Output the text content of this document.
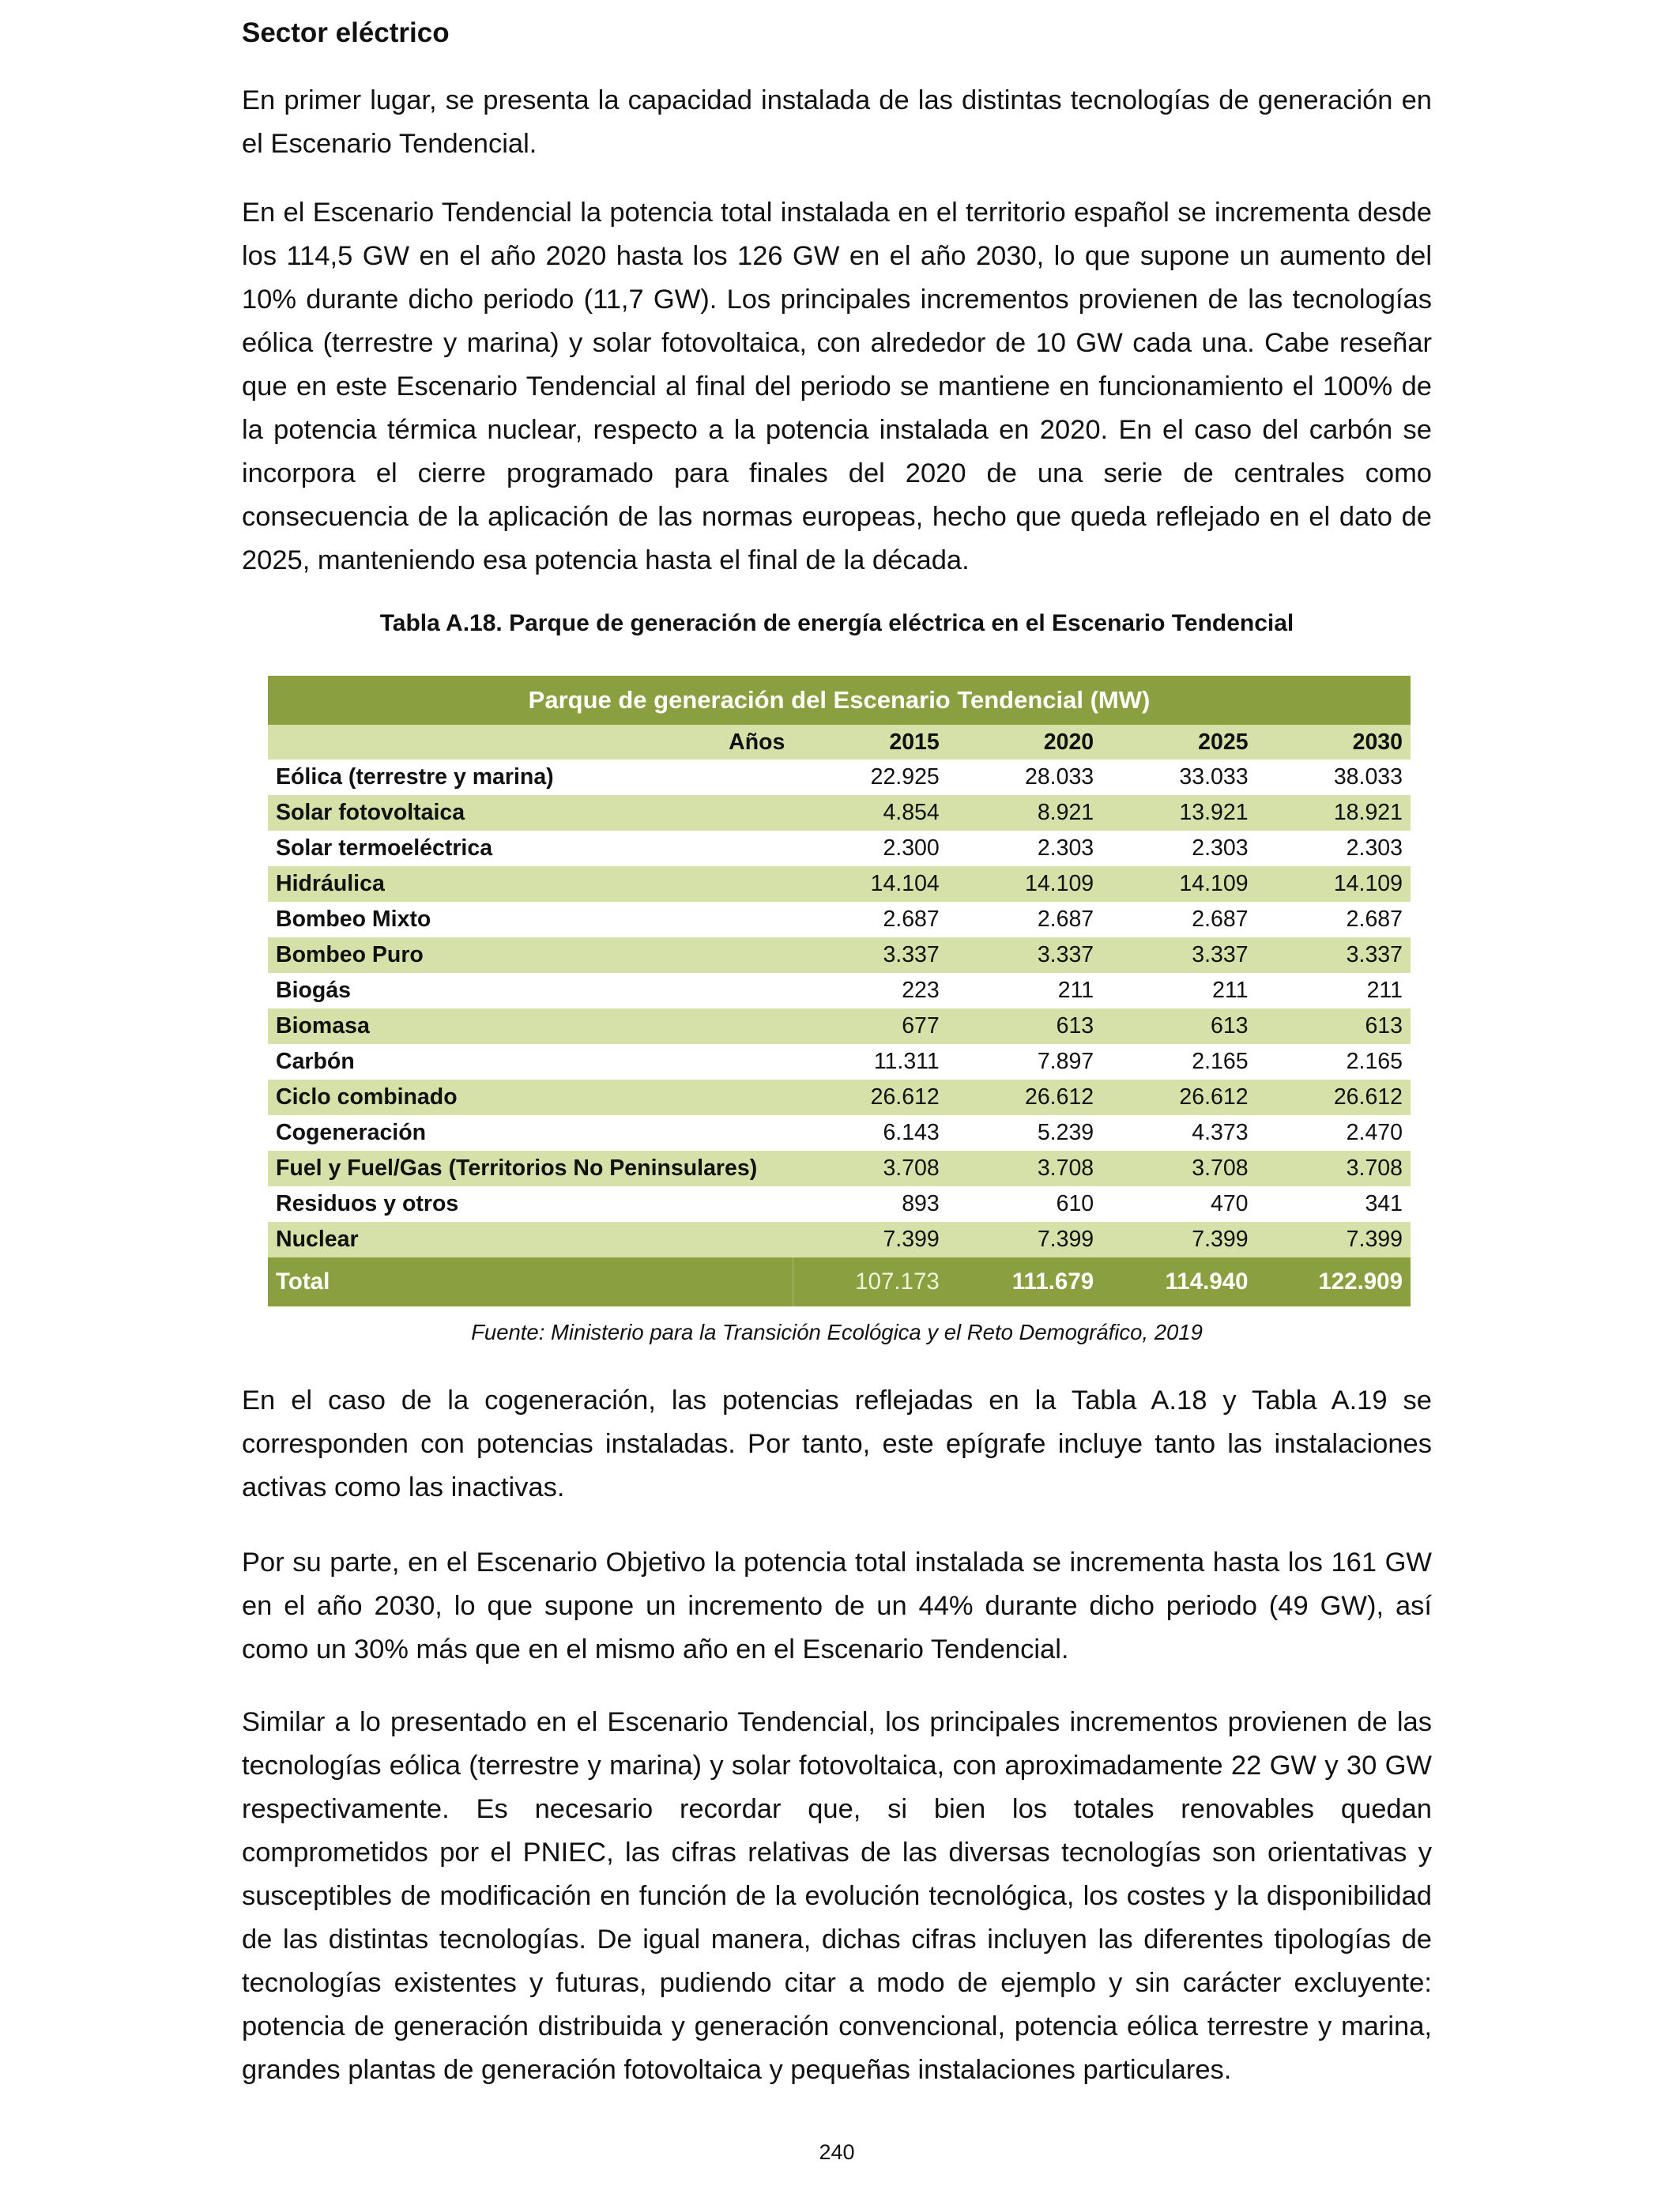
Sector eléctrico

En primer lugar, se presenta la capacidad instalada de las distintas tecnologías de generación en el Escenario Tendencial.

En el Escenario Tendencial la potencia total instalada en el territorio español se incrementa desde los 114,5 GW en el año 2020 hasta los 126 GW en el año 2030, lo que supone un aumento del 10% durante dicho periodo (11,7 GW). Los principales incrementos provienen de las tecnologías eólica (terrestre y marina) y solar fotovoltaica, con alrededor de 10 GW cada una. Cabe reseñar que en este Escenario Tendencial al final del periodo se mantiene en funcionamiento el 100% de la potencia térmica nuclear, respecto a la potencia instalada en 2020. En el caso del carbón se incorpora el cierre programado para finales del 2020 de una serie de centrales como consecuencia de la aplicación de las normas europeas, hecho que queda reflejado en el dato de 2025, manteniendo esa potencia hasta el final de la década.

Tabla A.18. Parque de generación de energía eléctrica en el Escenario Tendencial

Parque de generación del Escenario Tendencial (MW)				
Años	2015	2020	2025	2030
Eólica (terrestre y marina)	22.925	28.033	33.033	38.033
Solar fotovoltaica	4.854	8.921	13.921	18.921
Solar termoeléctrica	2.300	2.303	2.303	2.303
Hidráulica	14.104	14.109	14.109	14.109
Bombeo Mixto	2.687	2.687	2.687	2.687
Bombeo Puro	3.337	3.337	3.337	3.337
Biogás	223	211	211	211
Biomasa	677	613	613	613
Carbón	11.311	7.897	2.165	2.165
Ciclo combinado	26.612	26.612	26.612	26.612
Cogeneración	6.143	5.239	4.373	2.470
Fuel y Fuel/Gas (Territorios No Peninsulares)	3.708	3.708	3.708	3.708
Residuos y otros	893	610	470	341
Nuclear	7.399	7.399	7.399	7.399
Total	107.173	111.679	114.940	122.909

Fuente: Ministerio para la Transición Ecológica y el Reto Demográfico, 2019

En el caso de la cogeneración, las potencias reflejadas en la Tabla A.18 y Tabla A.19 se corresponden con potencias instaladas. Por tanto, este epígrafe incluye tanto las instalaciones activas como las inactivas.

Por su parte, en el Escenario Objetivo la potencia total instalada se incrementa hasta los 161 GW en el año 2030, lo que supone un incremento de un 44% durante dicho periodo (49 GW), así como un 30% más que en el mismo año en el Escenario Tendencial.

Similar a lo presentado en el Escenario Tendencial, los principales incrementos provienen de las tecnologías eólica (terrestre y marina) y solar fotovoltaica, con aproximadamente 22 GW y 30 GW respectivamente. Es necesario recordar que, si bien los totales renovables quedan comprometidos por el PNIEC, las cifras relativas de las diversas tecnologías son orientativas y susceptibles de modificación en función de la evolución tecnológica, los costes y la disponibilidad de las distintas tecnologías. De igual manera, dichas cifras incluyen las diferentes tipologías de tecnologías existentes y futuras, pudiendo citar a modo de ejemplo y sin carácter excluyente: potencia de generación distribuida y generación convencional, potencia eólica terrestre y marina, grandes plantas de generación fotovoltaica y pequeñas instalaciones particulares.

240
